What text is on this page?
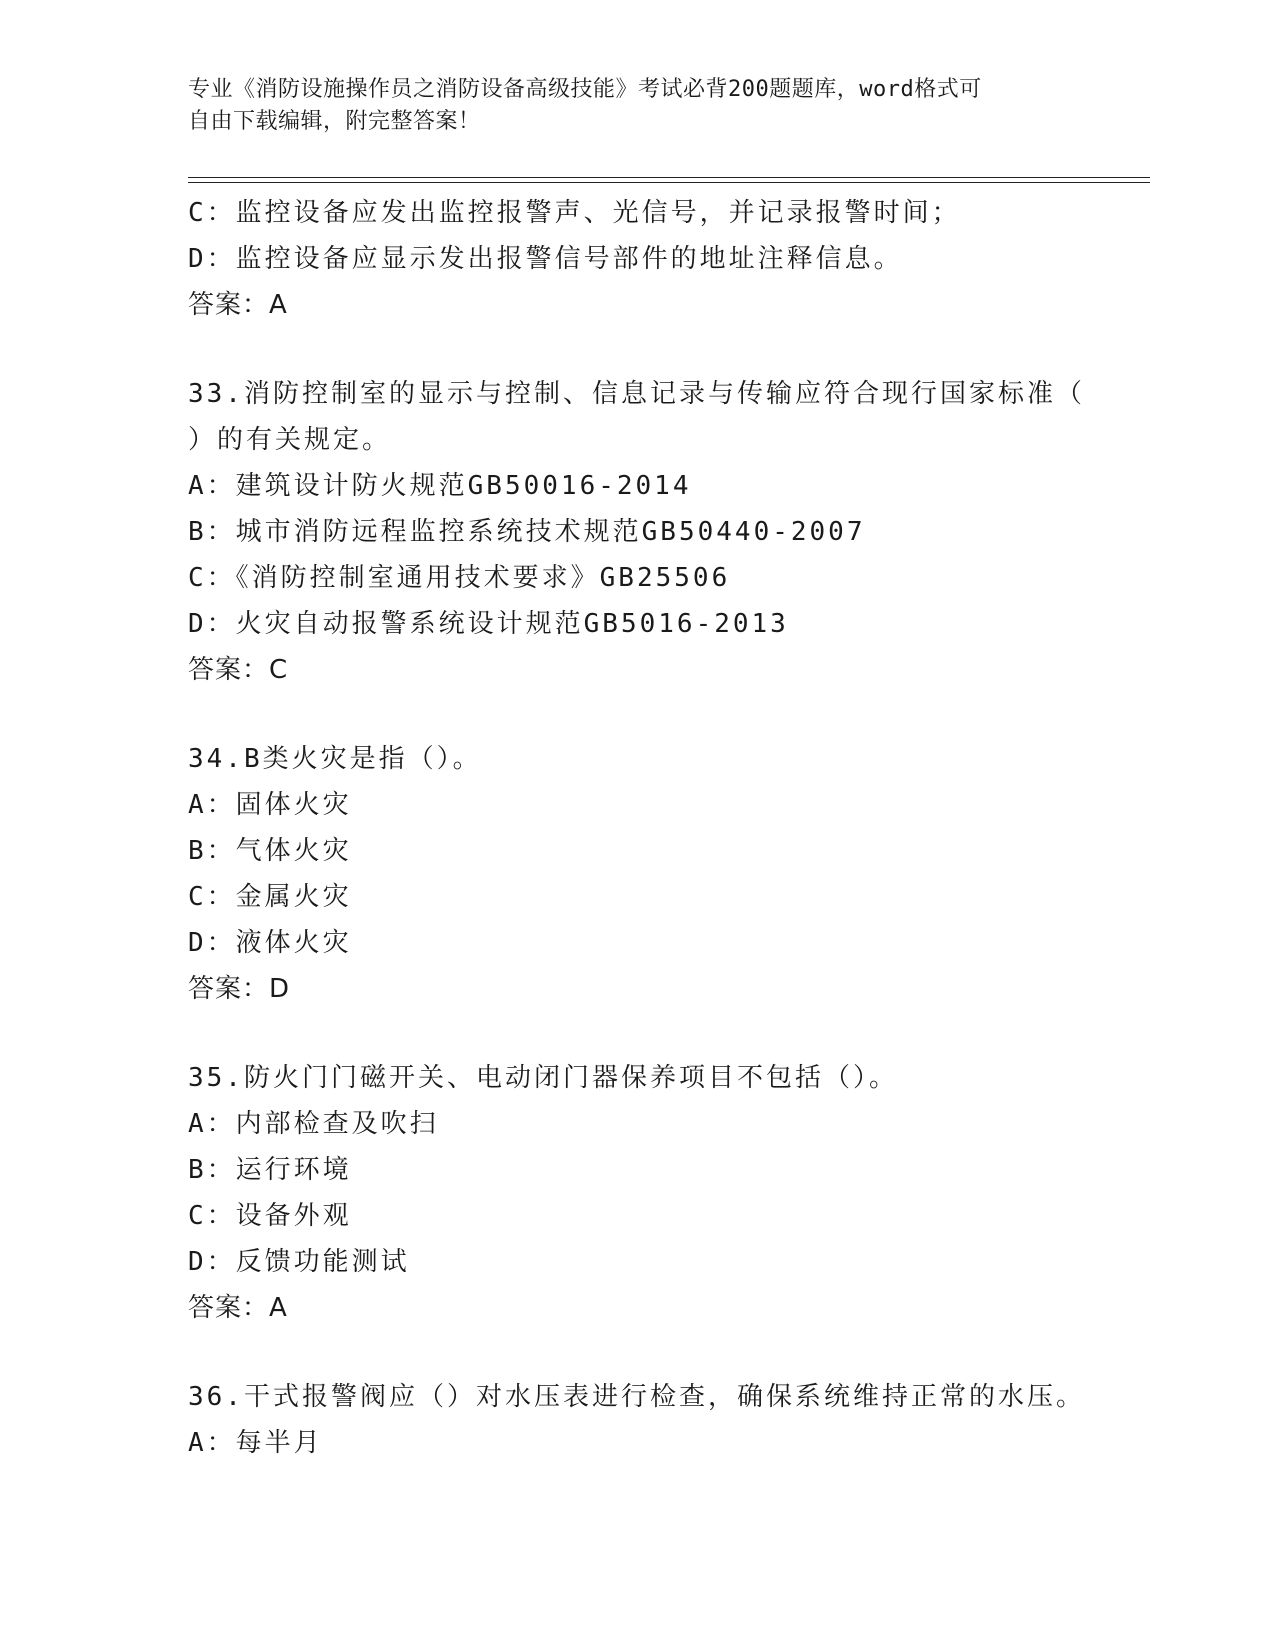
专业《消防设施操作员之消防设备高级技能》考试必背200题题库，word格式可
自由下载编辑，附完整答案！
C：监控设备应发出监控报警声、光信号，并记录报警时间；
D：监控设备应显示发出报警信号部件的地址注释信息。
答案：A
33.消防控制室的显示与控制、信息记录与传输应符合现行国家标准（
）的有关规定。
A：建筑设计防火规范GB50016-2014
B：城市消防远程监控系统技术规范GB50440-2007
C：《消防控制室通用技术要求》GB25506
D：火灾自动报警系统设计规范GB5016-2013
答案：C
34.B类火灾是指（）。
A：固体火灾
B：气体火灾
C：金属火灾
D：液体火灾
答案：D
35.防火门门磁开关、电动闭门器保养项目不包括（）。
A：内部检查及吹扫
B：运行环境
C：设备外观
D：反馈功能测试
答案：A
36.干式报警阀应（）对水压表进行检查，确保系统维持正常的水压。
A：每半月
